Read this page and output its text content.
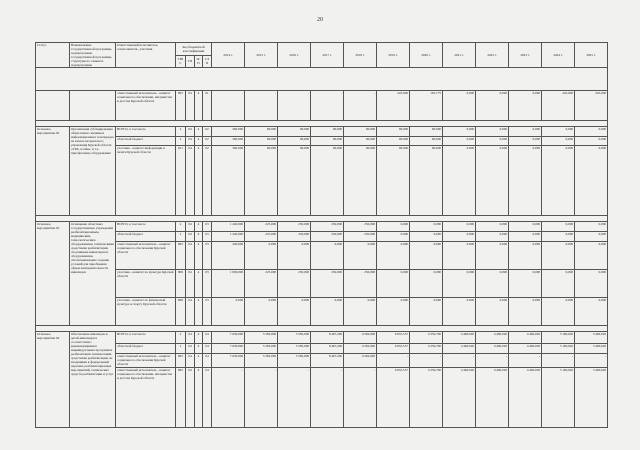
20
Статус	Наименование государственной программы, подпрограммы государственной программы, структурного элемента подпрограммы	Ответственный исполнитель, соисполнитель, участник	Код бюджетной классификации				2014 г.	2015 г.	2016 г.	2017 г.	2018 г.	2019 г.	2020 г.	2021 г.	2022 г.	2023 г.	2024 г.	2025 г.
			ГРБС	ГП	пГП	СЭП												

		ответственный исполнитель - комитет социального обеспечения, материнства и детства Курской области	805	04	4	01	-	-	-	-	-	245,000	165,775	0,000	0,000	0,000	245,000	245,000

Основное мероприятие 02	Организация субсидирования общественно значимых информационных телепередач на канале ветеранского управления Курской области «ТРК «Сейм», и т.ч. приобретение оборудования	ВСЕГО, в том числе	х	04	4	02	360,000	90,000	90,000	90,000	90,000	90,000	90,000	0,000	0,000	0,000	0,000	0,000
		областной бюджет	х	04	4	02	360,000	90,000	90,000	90,000	90,000	90,000	90,000	0,000	0,000	0,000	0,000	0,000
		участник - комитет информации и печати Курской области	811	04	4	02	360,000	90,000	90,000	90,000	90,000	90,000	90,000	0,000	0,000	0,000	0,000	0,000

Основное мероприятие 03	Оснащение областных государственных учреждений реабилитационным, медицинским, технологическим оборудованием, техническими средствами реабилитации, спортивным инвентарем и оборудованием, обеспечивающим создание условий для приобщения сферы жизнедеятельности инвалидов	ВСЕГО, в том числе	х	04	4	03	1 240,000	225,000	250,000	250,000	250,000	0,000	0,000	0,000	0,000	0,000	0,000	0,000
		областной бюджет	х	04	4	03	1 240,000	225,000	250,000	250,000	250,000	0,000	0,000	0,000	0,000	0,000	0,000	0,000
		ответственный исполнитель - комитет социального обеспечения Курской области	805	04	4	03	240,000	0,000	0,000	0,000	0,000	0,000	0,000	0,000	0,000	0,000	0,000	0,000
		участник - комитет по культуре Курской области	806	04	4	03	1 000,000	225,000	250,000	250,000	250,000	0,000	0,000	0,000	0,000	0,000	0,000	0,000
		участник - комитет по физической культуре и спорту Курской области	809	04	4	03	0,000	0,000	0,000	0,000	0,000	0,000	0,000	0,000	0,000	0,000	0,000	0,000

Основное мероприятие 04	Обеспечение инвалидов и детей-инвалидов в соответствии с рекомендациями в индивидуальных программах реабилитации техническими средствами реабилитации, не входящими в федеральный перечень реабилитационных мероприятий, технических средств реабилитации и услуг	ВСЕГО, в том числе	х	04	4	04	7 630,000	5 582,000	5 582,000	8 467,200	4 582,000	6 955,557	4 350,700	4 460,026	4 460,026	4 460,026	5 160,026	5 460,026
		областной бюджет	х	04	4	04	7 630,000	5 582,000	5 582,000	8 467,200	4 582,000	6 955,557	4 350,700	4 460,026	4 460,026	4 460,026	5 160,026	5 460,026
		ответственный исполнитель - комитет социального обеспечения Курской области	805	04	4	04	7 630,000	5 582,000	5 582,000	8 467,200	4 582,000	-	-	-	-	-	-	-
		ответственный исполнитель - комитет социального обеспечения, материнства и детства Курской области	805	04	4	04	-	-	-	-	-	6 955,557	4 350,700	4 460,026	4 460,026	4 460,026	5 160,026	5 460,026
